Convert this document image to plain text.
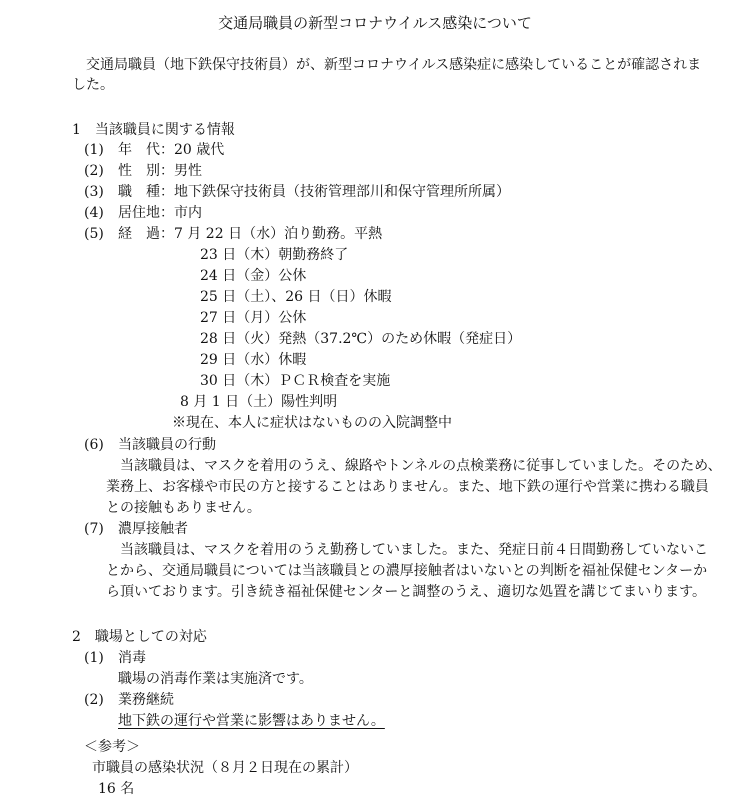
交通局職員の新型コロナウイルス感染について
交通局職員（地下鉄保守技術員）が、新型コロナウイルス感染症に感染していることが確認されま
した。
1　当該職員に関する情報
(1) 年　代：20 歳代
(2) 性　別：男性
(3) 職　種：地下鉄保守技術員（技術管理部川和保守管理所所属）
(4) 居住地：市内
(5) 経　過：7 月 22 日（水）泊り勤務。平熱
23 日（木）朝勤務終了
24 日（金）公休
25 日（土）、26 日（日）休暇
27 日（月）公休
28 日（火）発熱（37.2℃）のため休暇（発症日）
29 日（水）休暇
30 日（木）ＰＣＲ検査を実施
8 月 1 日（土）陽性判明
※現在、本人に症状はないものの入院調整中
(6) 当該職員の行動
当該職員は、マスクを着用のうえ、線路やトンネルの点検業務に従事していました。そのため、
業務上、お客様や市民の方と接することはありません。また、地下鉄の運行や営業に携わる職員
との接触もありません。
(7) 濃厚接触者
当該職員は、マスクを着用のうえ勤務していました。また、発症日前４日間勤務していないこ
とから、交通局職員については当該職員との濃厚接触者はいないとの判断を福祉保健センターか
ら頂いております。引き続き福祉保健センターと調整のうえ、適切な処置を講じてまいります。
2　職場としての対応
(1) 消毒
職場の消毒作業は実施済です。
(2) 業務継続
地下鉄の運行や営業に影響はありません。
＜参考＞
市職員の感染状況（８月２日現在の累計）
16 名
